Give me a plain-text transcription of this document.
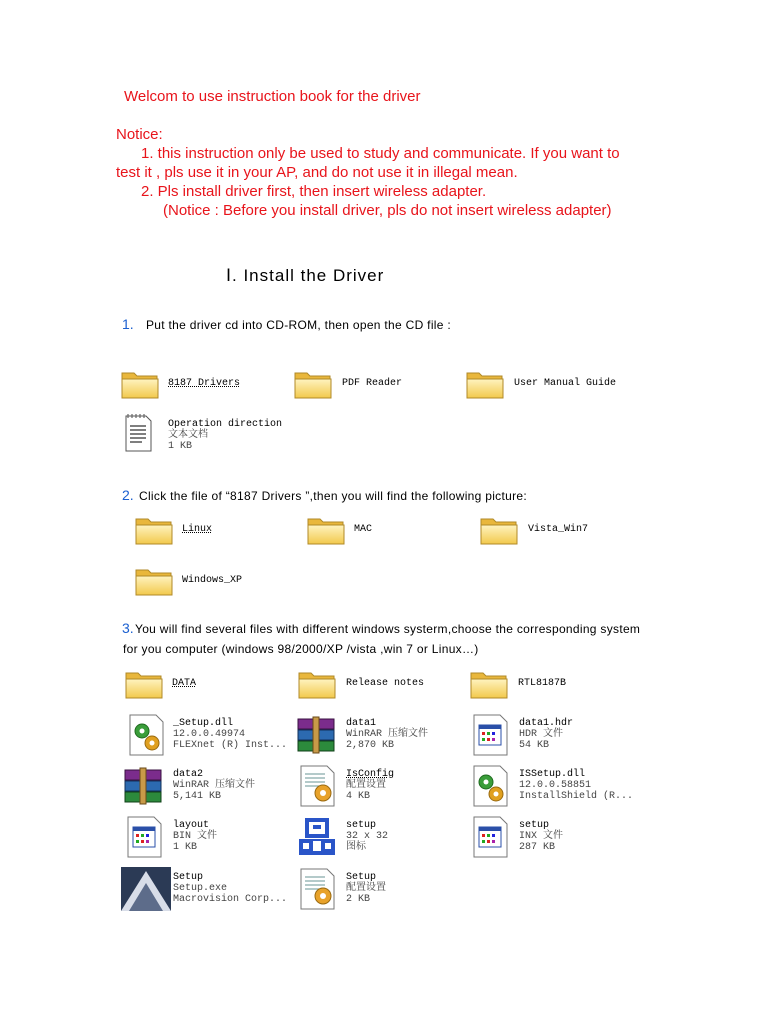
Welcom to use instruction book for the driver
Notice:
1. this instruction only be used to study and communicate. If you want to
test it , pls use it in your AP, and do not use it in illegal mean.
2. Pls install driver first, then insert wireless adapter.
(Notice : Before you install driver, pls do not insert wireless adapter)
Ⅰ. Install the Driver
1. Put the driver cd into CD-ROM, then open the CD file :
8187 Drivers	PDF Reader	User Manual Guide
Operation direction
文本文档
1 KB
2. Click the file of “8187 Drivers ”,then you will find the following picture:
Linux	MAC	Vista_Win7
Windows_XP
3. You will find several files with different windows systerm,choose the corresponding system
for you computer (windows 98/2000/XP /vista ,win 7 or Linux…)
DATA	Release notes	RTL8187B
_Setup.dll
12.0.0.49974
FLEXnet (R) Inst...
data1
WinRAR 压缩文件
2,870 KB
data1.hdr
HDR 文件
54 KB
data2
WinRAR 压缩文件
5,141 KB
IsConfig
配置设置
4 KB
ISSetup.dll
12.0.0.58851
InstallShield (R...
layout
BIN 文件
1 KB
setup
32 x 32
图标
setup
INX 文件
287 KB
Setup
Setup.exe
Macrovision Corp...
Setup
配置设置
2 KB
